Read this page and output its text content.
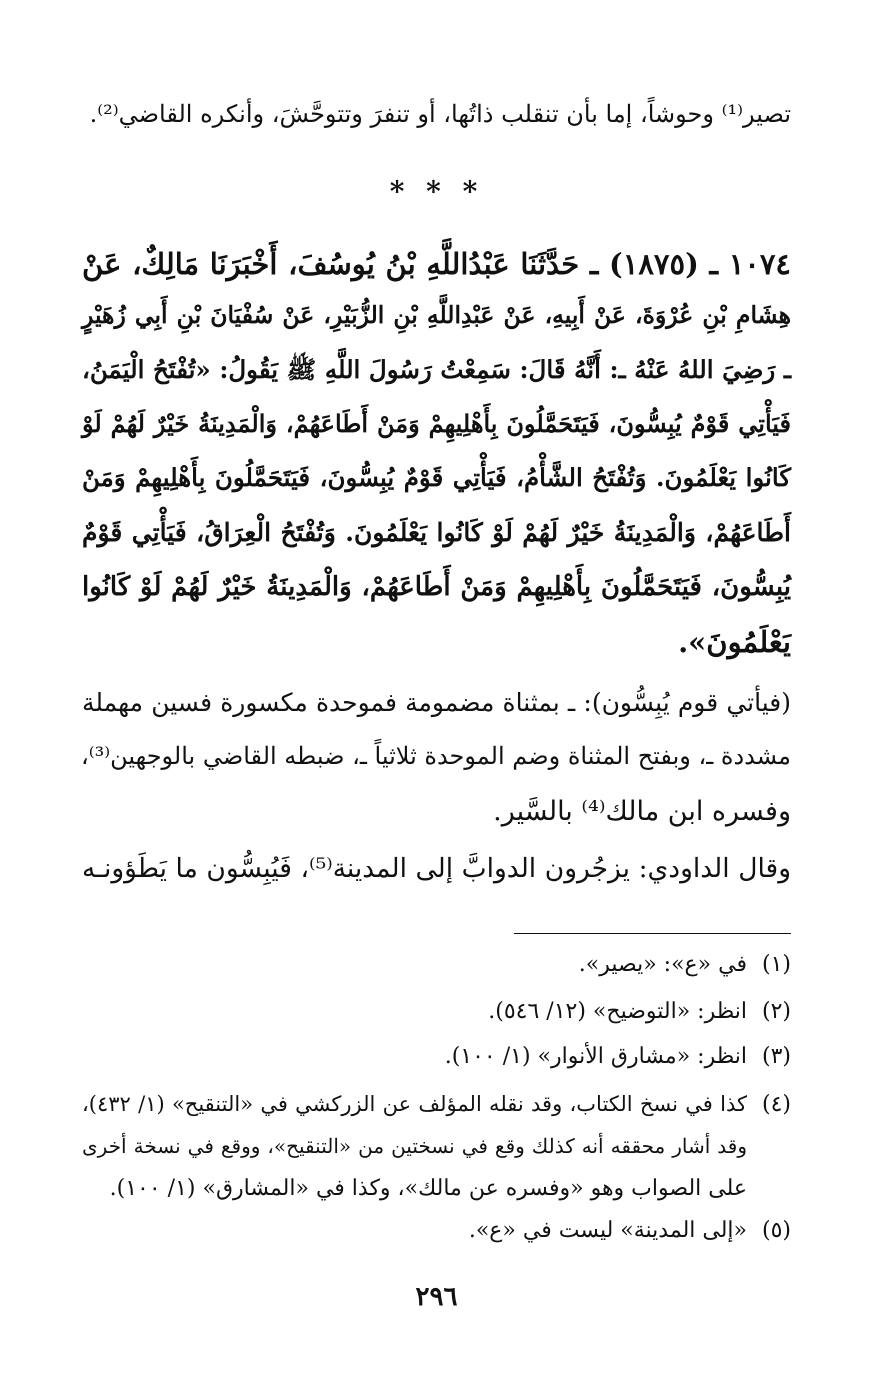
تصير⁽¹⁾ وحوشاً، إما بأن تنقلب ذاتُها، أو تنفرَ وتتوحَّشَ، وأنكره القاضي⁽²⁾.
* * *
١٠٧٤ ـ (١٨٧٥) ـ حَدَّثَنَا عَبْدُاللَّهِ بْنُ يُوسُفَ، أَخْبَرَنَا مَالِكٌ، عَنْ
هِشَامِ بْنِ عُرْوَةَ، عَنْ أَبِيهِ، عَنْ عَبْدِاللَّهِ بْنِ الزُّبَيْرِ، عَنْ سُفْيَانَ بْنِ أَبِي زُهَيْرٍ
ـ رَضِيَ اللهُ عَنْهُ ـ: أَنَّهُ قَالَ: سَمِعْتُ رَسُولَ اللَّهِ ﷺ يَقُولُ: «تُفْتَحُ الْيَمَنُ،
فَيَأْتِي قَوْمٌ يُبِسُّونَ، فَيَتَحَمَّلُونَ بِأَهْلِيهِمْ وَمَنْ أَطَاعَهُمْ، وَالْمَدِينَةُ خَيْرٌ لَهُمْ لَوْ
كَانُوا يَعْلَمُونَ. وَتُفْتَحُ الشَّأْمُ، فَيَأْتِي قَوْمٌ يُبِسُّونَ، فَيَتَحَمَّلُونَ بِأَهْلِيهِمْ وَمَنْ
أَطَاعَهُمْ، وَالْمَدِينَةُ خَيْرٌ لَهُمْ لَوْ كَانُوا يَعْلَمُونَ. وَتُفْتَحُ الْعِرَاقُ، فَيَأْتِي قَوْمٌ
يُبِسُّونَ، فَيَتَحَمَّلُونَ بِأَهْلِيهِمْ وَمَنْ أَطَاعَهُمْ، وَالْمَدِينَةُ خَيْرٌ لَهُمْ لَوْ كَانُوا
يَعْلَمُونَ».
(فيأتي قوم يُبِسُّون): ـ بمثناة مضمومة فموحدة مكسورة فسين مهملة
مشددة ـ، وبفتح المثناة وضم الموحدة ثلاثياً ـ، ضبطه القاضي بالوجهين⁽³⁾،
وفسره ابن مالك⁽⁴⁾ بالسَّير.
وقال الداودي: يزجُرون الدوابَّ إلى المدينة⁽⁵⁾، فَيُبِسُّون ما يَطَؤونـه
(١)في «ع»: «يصير».
(٢)انظر: «التوضيح» (١٢/ ٥٤٦).
(٣)انظر: «مشارق الأنوار» (١/ ١٠٠).
(٤)
كذا في نسخ الكتاب، وقد نقله المؤلف عن الزركشي في «التنقيح» (١/ ٤٣٢)،
وقد أشار محققه أنه كذلك وقع في نسختين من «التنقيح»، ووقع في نسخة أخرى
على الصواب وهو «وفسره عن مالك»، وكذا في «المشارق» (١/ ١٠٠).
(٥)«إلى المدينة» ليست في «ع».
٢٩٦
